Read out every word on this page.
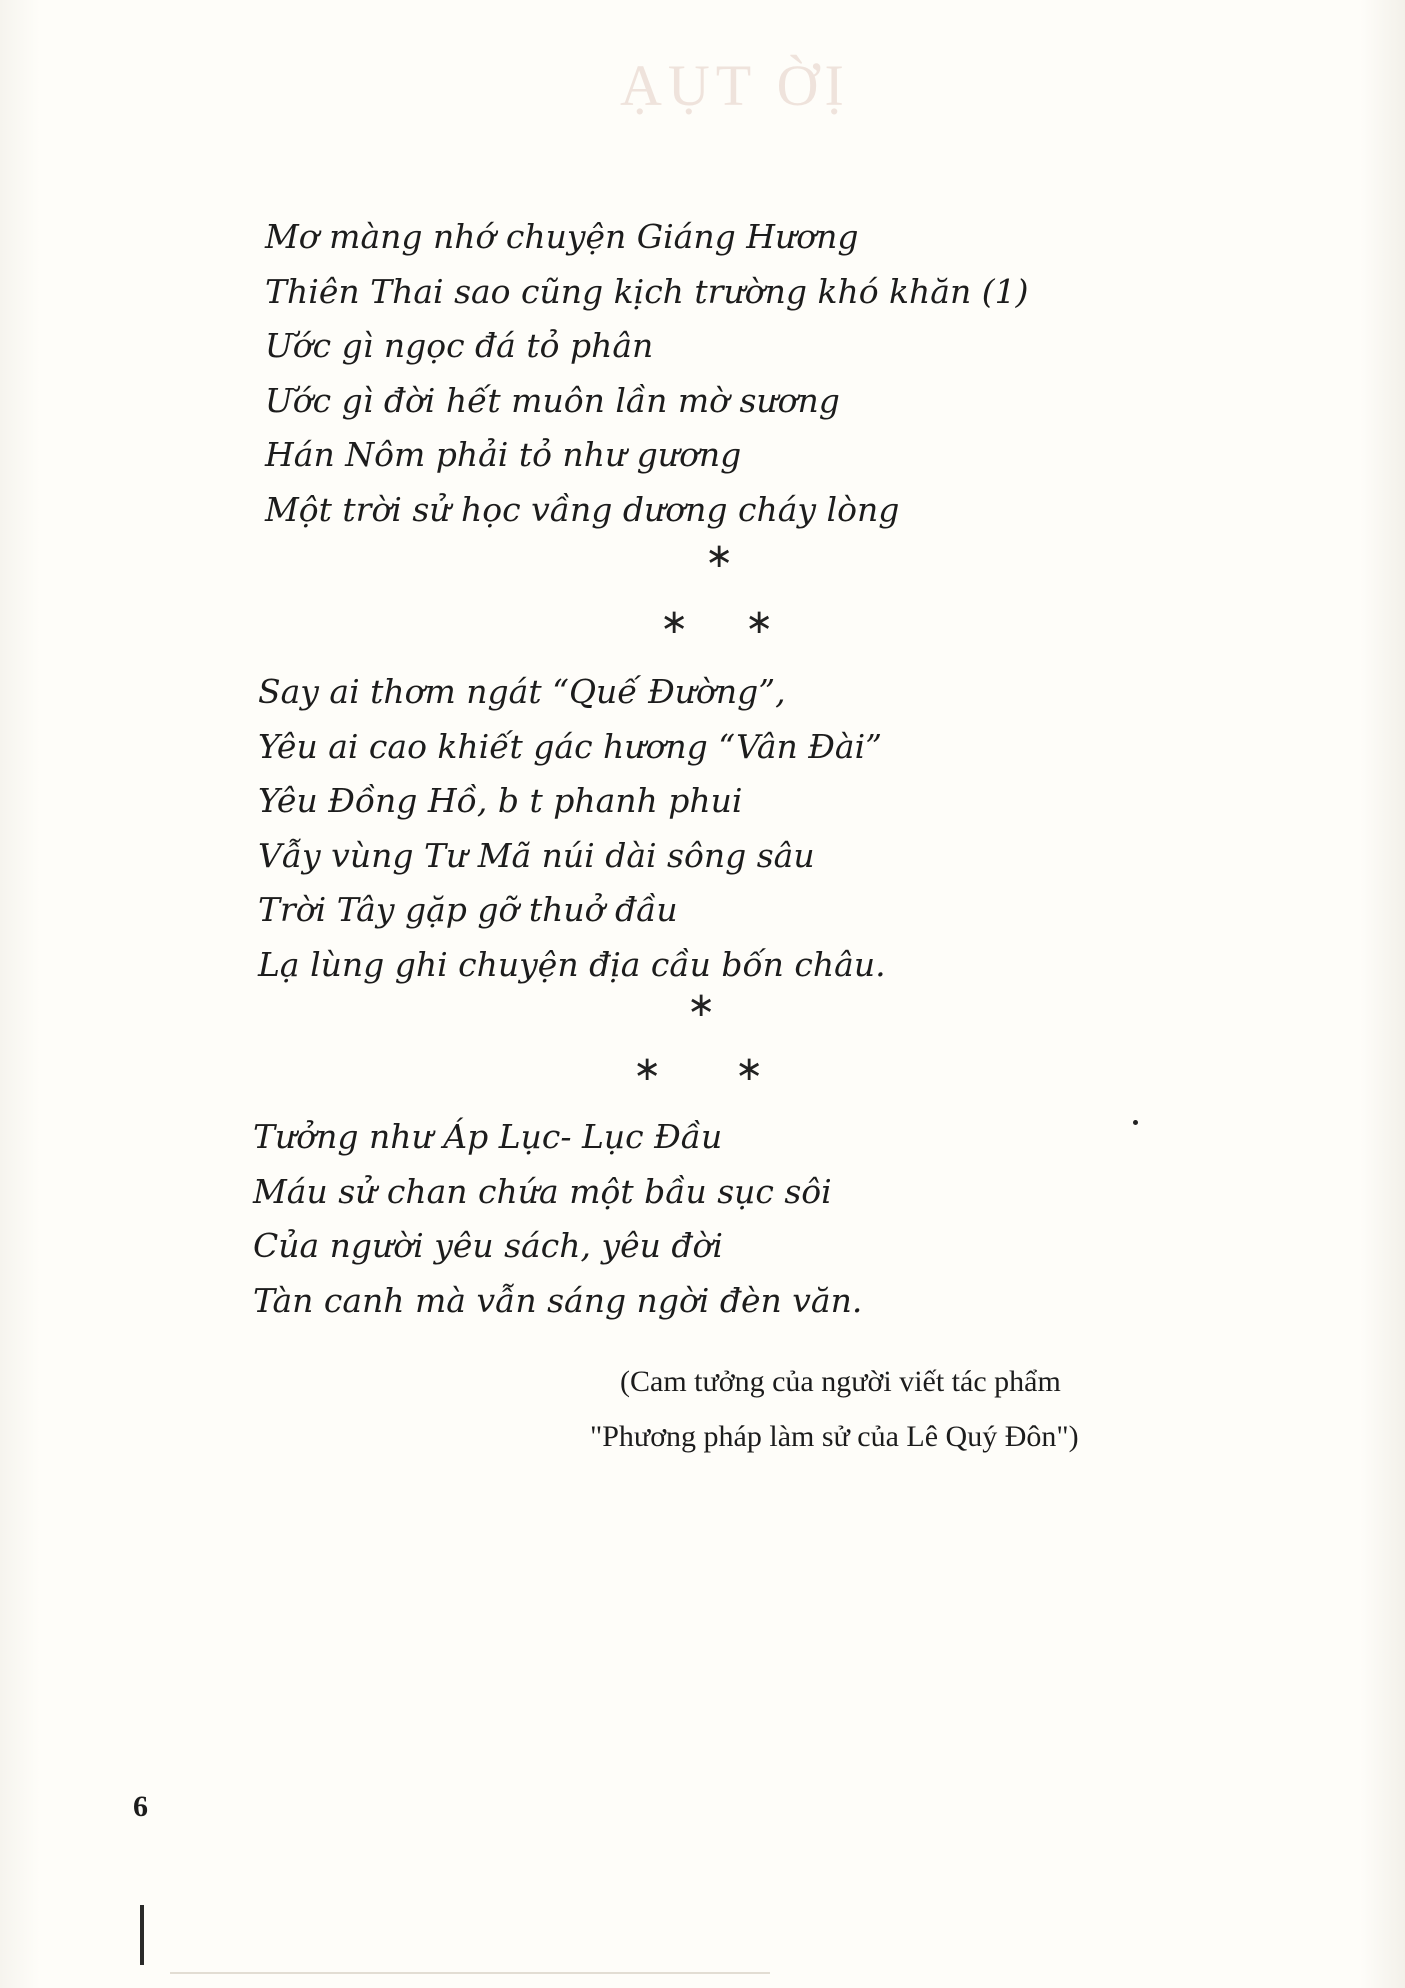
ẠỤT ỜỊ
Mơ màng nhớ chuyện Giáng Hương
Thiên Thai sao cũng kịch trường khó khăn (1)
Ước gì ngọc đá tỏ phân
Ước gì đời hết muôn lần mờ sương
Hán Nôm phải tỏ như gương
Một trời sử học vầng dương cháy lòng
∗
∗ ∗
Say ai thơm ngát “Quế Đường”,
Yêu ai cao khiết gác hương “Vân Đài”
Yêu Đồng Hồ, b t phanh phui
Vẫy vùng Tư Mã núi dài sông sâu
Trời Tây gặp gỡ thuở đầu
Lạ lùng ghi chuyện địa cầu bốn châu.
∗
∗ ∗
Tưởng như Áp Lục- Lục Đầu
Máu sử chan chứa một bầu sục sôi
Của người yêu sách, yêu đời
Tàn canh mà vẫn sáng ngời đèn văn.
(Cam tưởng của người viết tác phẩm
"Phương pháp làm sử của Lê Quý Đôn")
6
